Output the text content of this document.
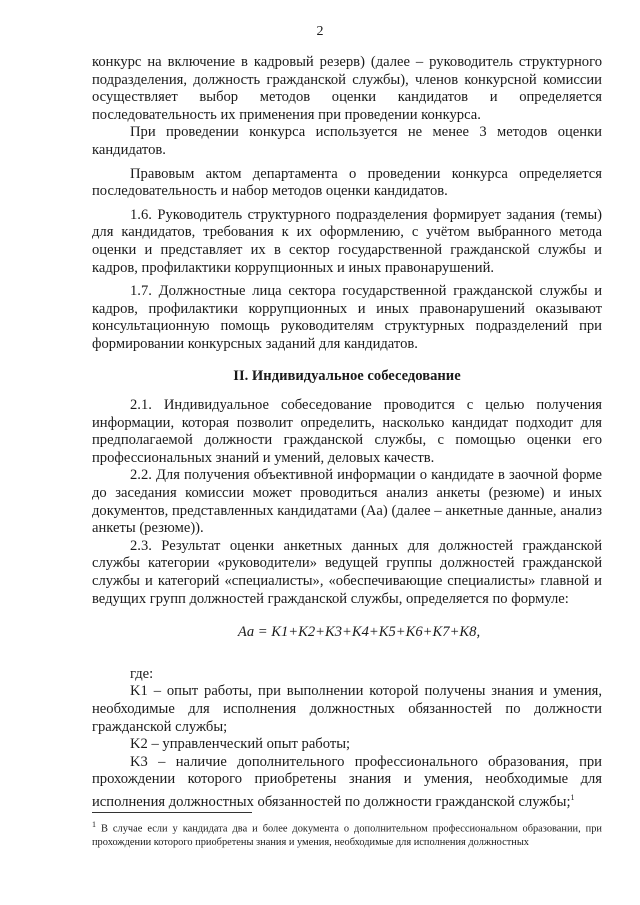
2

конкурс на включение в кадровый резерв) (далее – руководитель структурного подразделения, должность гражданской службы), членов конкурсной комиссии осуществляет выбор методов оценки кандидатов и определяется последовательность их применения при проведении конкурса.

При проведении конкурса используется не менее 3 методов оценки кандидатов.

Правовым актом департамента о проведении конкурса определяется последовательность и набор методов оценки кандидатов.

1.6. Руководитель структурного подразделения формирует задания (темы) для кандидатов, требования к их оформлению, с учётом выбранного метода оценки и представляет их в сектор государственной гражданской службы и кадров, профилактики коррупционных и иных правонарушений.

1.7. Должностные лица сектора государственной гражданской службы и кадров, профилактики коррупционных и иных правонарушений оказывают консультационную помощь руководителям структурных подразделений при формировании конкурсных заданий для кандидатов.

II. Индивидуальное собеседование

2.1. Индивидуальное собеседование проводится с целью получения информации, которая позволит определить, насколько кандидат подходит для предполагаемой должности гражданской службы, с помощью оценки его профессиональных знаний и умений, деловых качеств.

2.2. Для получения объективной информации о кандидате в заочной форме до заседания комиссии может проводиться анализ анкеты (резюме) и иных документов, представленных кандидатами (Aа) (далее – анкетные данные, анализ анкеты (резюме)).

2.3. Результат оценки анкетных данных для должностей гражданской службы категории «руководители» ведущей группы должностей гражданской службы и категорий «специалисты», «обеспечивающие специалисты» главной и ведущих групп должностей гражданской службы, определяется по формуле:

Aа = K1+K2+K3+K4+K5+K6+K7+K8,

где:

K1 – опыт работы, при выполнении которой получены знания и умения, необходимые для исполнения должностных обязанностей по должности гражданской службы;

K2 – управленческий опыт работы;

K3 – наличие дополнительного профессионального образования, при прохождении которого приобретены знания и умения, необходимые для исполнения должностных обязанностей по должности гражданской службы;$^1$

$^1$ В случае если у кандидата два и более документа о дополнительном профессиональном образовании, при прохождении которого приобретены знания и умения, необходимые для исполнения должностных
